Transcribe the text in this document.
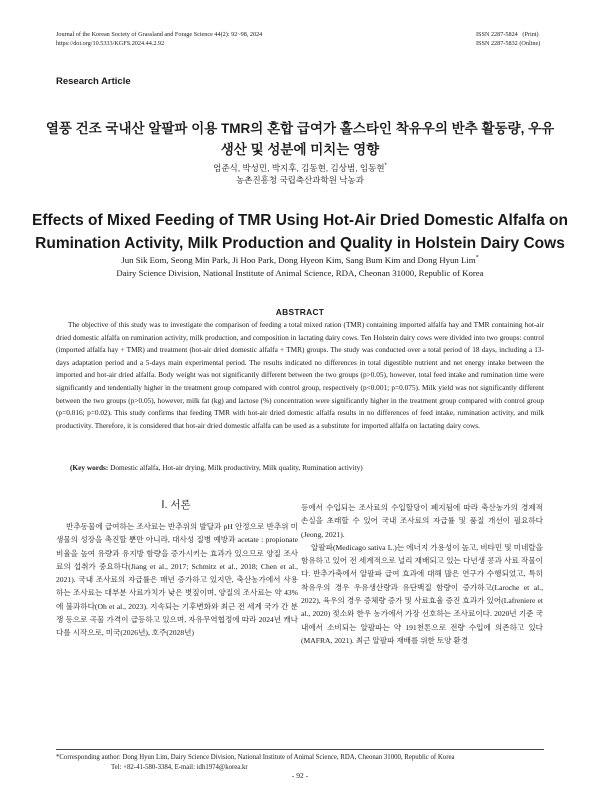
Journal of the Korean Society of Grassland and Forage Science 44(2): 92~98, 2024
https://doi.org/10.5333/KGFS.2024.44.2.92
ISSN 2287-5824   (Print)
ISSN 2287-5832 (Online)
Research Article
열풍 건조 국내산 알팔파 이용 TMR의 혼합 급여가 홀스타인 착유우의 반추 활동량, 우유
생산 및 성분에 미치는 영향
엄준식, 박성민, 박지후, 김동현, 김상범, 임동현*
농촌진흥청 국립축산과학원 낙농과
Effects of Mixed Feeding of TMR Using Hot-Air Dried Domestic Alfalfa on
Rumination Activity, Milk Production and Quality in Holstein Dairy Cows
Jun Sik Eom, Seong Min Park, Ji Hoo Park, Dong Hyeon Kim, Sang Bum Kim and Dong Hyun Lim*
Dairy Science Division, National Institute of Animal Science, RDA, Cheonan 31000, Republic of Korea
ABSTRACT

The objective of this study was to investigate the comparison of feeding a total mixed ration (TMR) containing imported alfalfa hay and TMR containing hot-air dried domestic alfalfa on rumination activity, milk production, and composition in lactating dairy cows. Ten Holstein dairy cows were divided into two groups: control (imported alfalfa hay + TMR) and treatment (hot-air dried domestic alfalfa + TMR) groups. The study was conducted over a total period of 18 days, including a 13-days adaptation period and a 5-days main experimental period. The results indicated no differences in total digestible nutrient and net energy intake between the imported and hot-air dried alfalfa. Body weight was not significantly different between the two groups (p>0.05), however, total feed intake and rumination time were significantly and tendentially higher in the treatment group compared with control group, respectively (p<0.001; p=0.075). Milk yield was not significantly different between the two groups (p>0.05), however, milk fat (kg) and lactose (%) concentration were significantly higher in the treatment group compared with control group (p=0.016; p=0.02). This study confirms that feeding TMR with hot-air dried domestic alfalfa results in no differences of feed intake, rumination activity, and milk productivity. Therefore, it is considered that hot-air dried domestic alfalfa can be used as a substitute for imported alfalfa on lactating dairy cows.

(Key words: Domestic alfalfa, Hot-air drying, Milk productivity, Milk quality, Rumination activity)
Ⅰ. 서론

반추동물에 급여하는 조사료는 반추위의 발달과 pH 안정으로 반추위 미생물의 성장을 촉진할 뿐만 아니라, 대사성 질병 예방과 acetate : propionate 비율을 높여 유량과 유지방 함량을 증가시키는 효과가 있으므로 양질 조사료의 섭취가 중요하다(Jiang et al., 2017; Schmitz et al., 2018; Chen et al., 2021). 국내 조사료의 자급률은 매년 증가하고 있지만, 축산농가에서 사용하는 조사료는 대부분 사료가치가 낮은 볏짚이며, 양질의 조사료는 약 43%에 불과하다(Oh et al., 2023). 지속되는 기후변화와 최근 전 세계 국가 간 분쟁 등으로 곡물 가격이 급등하고 있으며, 자유무역협정에 따라 2024년 캐나다를 시작으로, 미국(2026년), 호주(2028년)

등에서 수입되는 조사료의 수입할당이 폐지됨에 따라 축산농가의 경제적 손실을 초래할 수 있어 국내 조사료의 자급률 및 품질 개선이 필요하다(Jeong, 2021).

알팔파(Medicago sativa L.)는 에너지 가용성이 높고, 비타민 및 미네랄을 함유하고 있어 전 세계적으로 널리 재배되고 있는 다년생 콩과 사료 작물이다. 반추가축에서 알팔파 급여 효과에 대해 많은 연구가 수행되었고, 특히 착유우의 경우 우유생산량과 유단백질 함량이 증가하고(Laroche et al., 2022), 육우의 경우 증체량 증가 및 사료효율 증진 효과가 있어(Lafreniere et al., 2020) 젖소와 한우 농가에서 가장 선호하는 조사료이다. 2020년 기준 국내에서 소비되는 알팔파는 약 191천톤으로 전량 수입에 의존하고 있다(MAFRA, 2021). 최근 알팔파 재배를 위한 토양 환경

*Corresponding author: Dong Hyun Lim, Dairy Science Division, National Institute of Animal Science, RDA, Cheonan 31000, Republic of Korea
Tel: +82-41-580-3384, E-mail: idh1974@korea.kr
- 92 -
